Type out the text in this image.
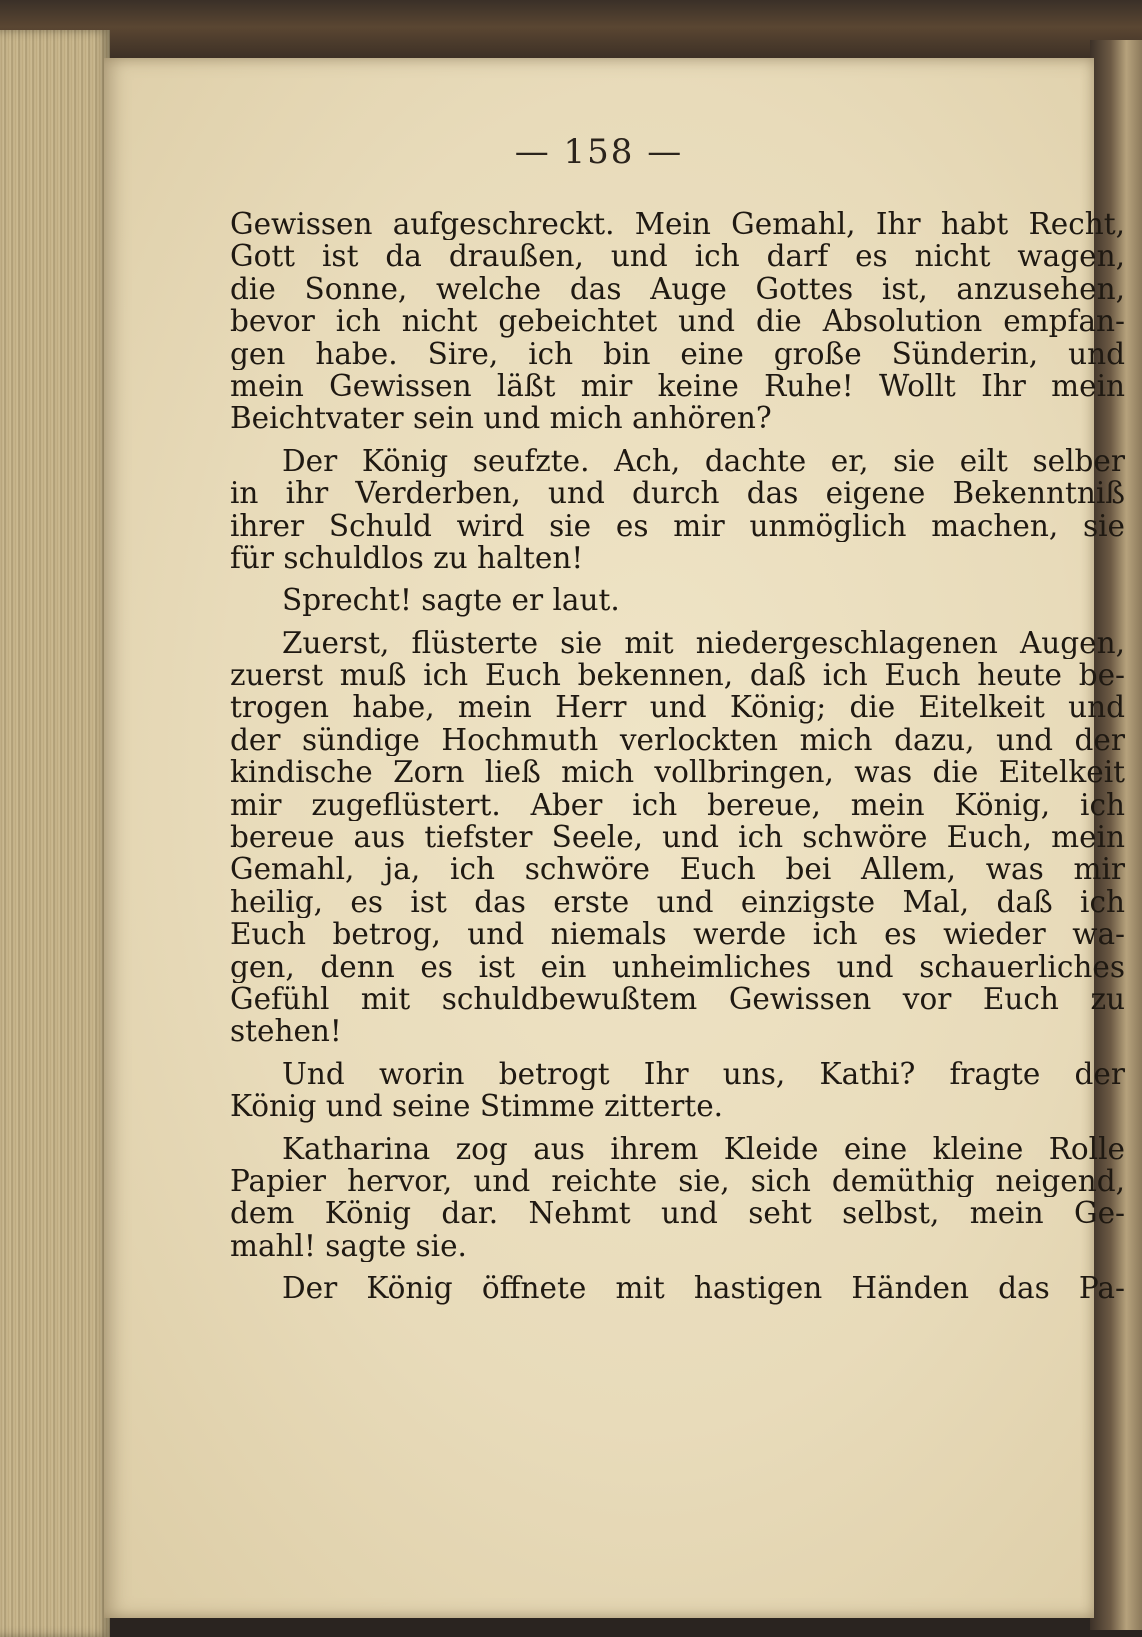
— 158 —
Gewissen aufgeschreckt. Mein Gemahl, Ihr habt Recht,
Gott ist da draußen, und ich darf es nicht wagen,
die Sonne, welche das Auge Gottes ist, anzusehen,
bevor ich nicht gebeichtet und die Absolution empfan-
gen habe. Sire, ich bin eine große Sünderin, und
mein Gewissen läßt mir keine Ruhe! Wollt Ihr mein
Beichtvater sein und mich anhören?
Der König seufzte. Ach, dachte er, sie eilt selber
in ihr Verderben, und durch das eigene Bekenntniß
ihrer Schuld wird sie es mir unmöglich machen, sie
für schuldlos zu halten!
Sprecht! sagte er laut.
Zuerst, flüsterte sie mit niedergeschlagenen Augen,
zuerst muß ich Euch bekennen, daß ich Euch heute be-
trogen habe, mein Herr und König; die Eitelkeit und
der sündige Hochmuth verlockten mich dazu, und der
kindische Zorn ließ mich vollbringen, was die Eitelkeit
mir zugeflüstert. Aber ich bereue, mein König, ich
bereue aus tiefster Seele, und ich schwöre Euch, mein
Gemahl, ja, ich schwöre Euch bei Allem, was mir
heilig, es ist das erste und einzigste Mal, daß ich
Euch betrog, und niemals werde ich es wieder wa-
gen, denn es ist ein unheimliches und schauerliches
Gefühl mit schuldbewußtem Gewissen vor Euch zu
stehen!
Und worin betrogt Ihr uns, Kathi? fragte der
König und seine Stimme zitterte.
Katharina zog aus ihrem Kleide eine kleine Rolle
Papier hervor, und reichte sie, sich demüthig neigend,
dem König dar. Nehmt und seht selbst, mein Ge-
mahl! sagte sie.
Der König öffnete mit hastigen Händen das Pa-
